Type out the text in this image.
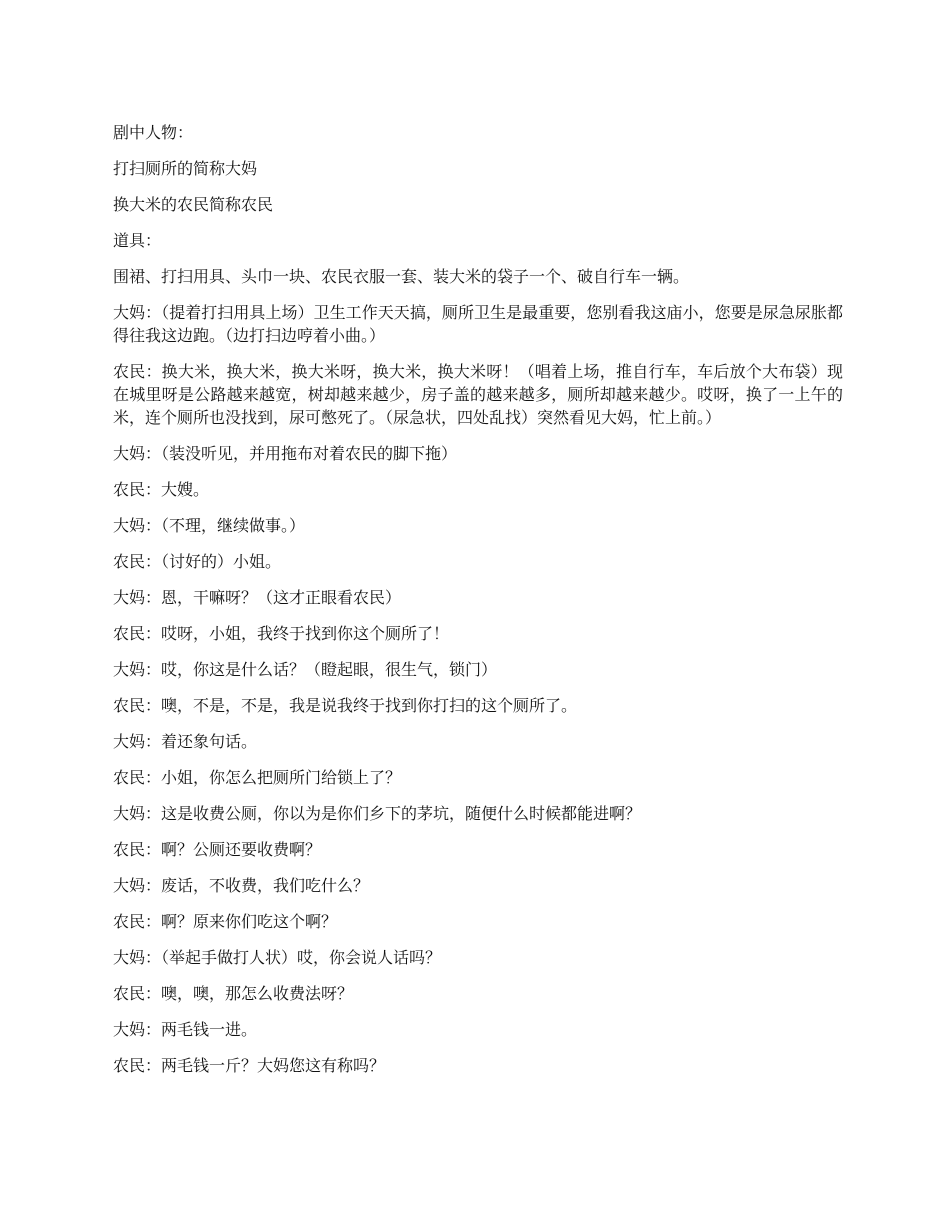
剧中人物：

打扫厕所的简称大妈

换大米的农民简称农民

道具：

围裙、打扫用具、头巾一块、农民衣服一套、装大米的袋子一个、破自行车一辆。

大妈：（提着打扫用具上场）卫生工作天天搞，厕所卫生是最重要，您别看我这庙小，您要是尿急尿胀都得往我这边跑。（边打扫边哼着小曲。）

农民：换大米，换大米，换大米呀，换大米，换大米呀！（唱着上场，推自行车，车后放个大布袋）现在城里呀是公路越来越宽，树却越来越少，房子盖的越来越多，厕所却越来越少。哎呀，换了一上午的米，连个厕所也没找到，尿可憋死了。（尿急状，四处乱找）突然看见大妈，忙上前。）

大妈：（装没听见，并用拖布对着农民的脚下拖）

农民：大嫂。

大妈：（不理，继续做事。）

农民：（讨好的）小姐。

大妈：恩，干嘛呀？（这才正眼看农民）

农民：哎呀，小姐，我终于找到你这个厕所了！

大妈：哎，你这是什么话？（瞪起眼，很生气，锁门）

农民：噢，不是，不是，我是说我终于找到你打扫的这个厕所了。

大妈：着还象句话。

农民：小姐，你怎么把厕所门给锁上了？

大妈：这是收费公厕，你以为是你们乡下的茅坑，随便什么时候都能进啊？

农民：啊？公厕还要收费啊？

大妈：废话，不收费，我们吃什么？

农民：啊？原来你们吃这个啊？

大妈：（举起手做打人状）哎，你会说人话吗？

农民：噢，噢，那怎么收费法呀？

大妈：两毛钱一进。

农民：两毛钱一斤？大妈您这有称吗？
